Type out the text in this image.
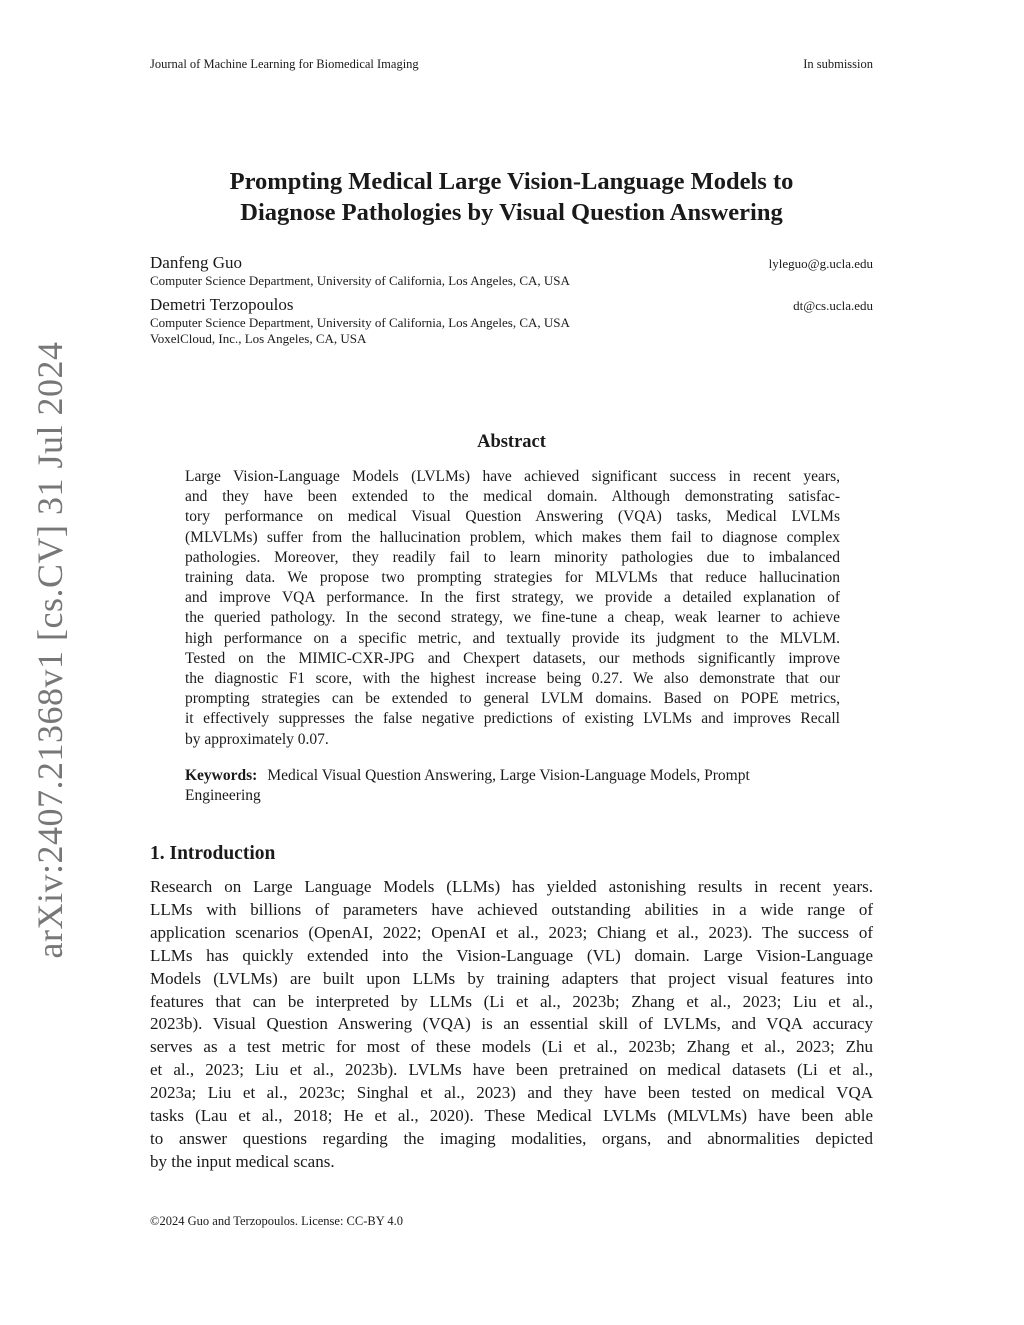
Journal of Machine Learning for Biomedical Imaging	In submission
arXiv:2407.21368v1 [cs.CV] 31 Jul 2024
Prompting Medical Large Vision-Language Models to
Diagnose Pathologies by Visual Question Answering
Danfeng Guo	lyleguo@g.ucla.edu
Computer Science Department, University of California, Los Angeles, CA, USA
Demetri Terzopoulos	dt@cs.ucla.edu
Computer Science Department, University of California, Los Angeles, CA, USA
VoxelCloud, Inc., Los Angeles, CA, USA
Abstract
Large Vision-Language Models (LVLMs) have achieved significant success in recent years,
and they have been extended to the medical domain. Although demonstrating satisfac-
tory performance on medical Visual Question Answering (VQA) tasks, Medical LVLMs
(MLVLMs) suffer from the hallucination problem, which makes them fail to diagnose complex
pathologies. Moreover, they readily fail to learn minority pathologies due to imbalanced
training data. We propose two prompting strategies for MLVLMs that reduce hallucination
and improve VQA performance. In the first strategy, we provide a detailed explanation of
the queried pathology. In the second strategy, we fine-tune a cheap, weak learner to achieve
high performance on a specific metric, and textually provide its judgment to the MLVLM.
Tested on the MIMIC-CXR-JPG and Chexpert datasets, our methods significantly improve
the diagnostic F1 score, with the highest increase being 0.27. We also demonstrate that our
prompting strategies can be extended to general LVLM domains. Based on POPE metrics,
it effectively suppresses the false negative predictions of existing LVLMs and improves Recall
by approximately 0.07.
Keywords: Medical Visual Question Answering, Large Vision-Language Models, Prompt
Engineering
1. Introduction
Research on Large Language Models (LLMs) has yielded astonishing results in recent years.
LLMs with billions of parameters have achieved outstanding abilities in a wide range of
application scenarios (OpenAI, 2022; OpenAI et al., 2023; Chiang et al., 2023). The success of
LLMs has quickly extended into the Vision-Language (VL) domain. Large Vision-Language
Models (LVLMs) are built upon LLMs by training adapters that project visual features into
features that can be interpreted by LLMs (Li et al., 2023b; Zhang et al., 2023; Liu et al.,
2023b). Visual Question Answering (VQA) is an essential skill of LVLMs, and VQA accuracy
serves as a test metric for most of these models (Li et al., 2023b; Zhang et al., 2023; Zhu
et al., 2023; Liu et al., 2023b). LVLMs have been pretrained on medical datasets (Li et al.,
2023a; Liu et al., 2023c; Singhal et al., 2023) and they have been tested on medical VQA
tasks (Lau et al., 2018; He et al., 2020). These Medical LVLMs (MLVLMs) have been able
to answer questions regarding the imaging modalities, organs, and abnormalities depicted
by the input medical scans.
©2024 Guo and Terzopoulos. License: CC-BY 4.0
